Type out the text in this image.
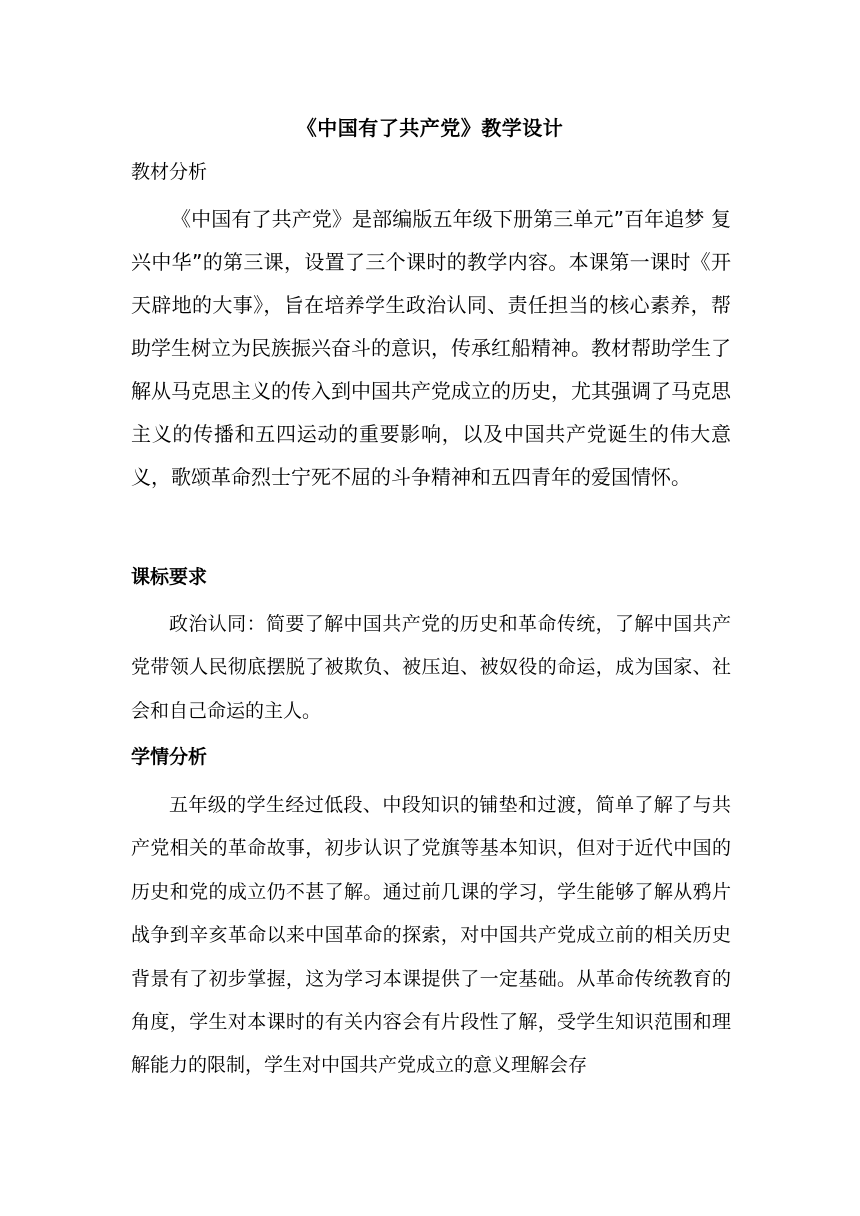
《中国有了共产党》教学设计
教材分析

《中国有了共产党》是部编版五年级下册第三单元”百年追梦 复兴中华”的第三课，设置了三个课时的教学内容。本课第一课时《开天辟地的大事》，旨在培养学生政治认同、责任担当的核心素养，帮助学生树立为民族振兴奋斗的意识，传承红船精神。教材帮助学生了解从马克思主义的传入到中国共产党成立的历史，尤其强调了马克思主义的传播和五四运动的重要影响，以及中国共产党诞生的伟大意义，歌颂革命烈士宁死不屈的斗争精神和五四青年的爱国情怀。

课标要求

政治认同：简要了解中国共产党的历史和革命传统，了解中国共产党带领人民彻底摆脱了被欺负、被压迫、被奴役的命运，成为国家、社会和自己命运的主人。

学情分析

五年级的学生经过低段、中段知识的铺垫和过渡，简单了解了与共产党相关的革命故事，初步认识了党旗等基本知识，但对于近代中国的历史和党的成立仍不甚了解。通过前几课的学习，学生能够了解从鸦片战争到辛亥革命以来中国革命的探索，对中国共产党成立前的相关历史背景有了初步掌握，这为学习本课提供了一定基础。从革命传统教育的角度，学生对本课时的有关内容会有片段性了解，受学生知识范围和理解能力的限制，学生对中国共产党成立的意义理解会存
